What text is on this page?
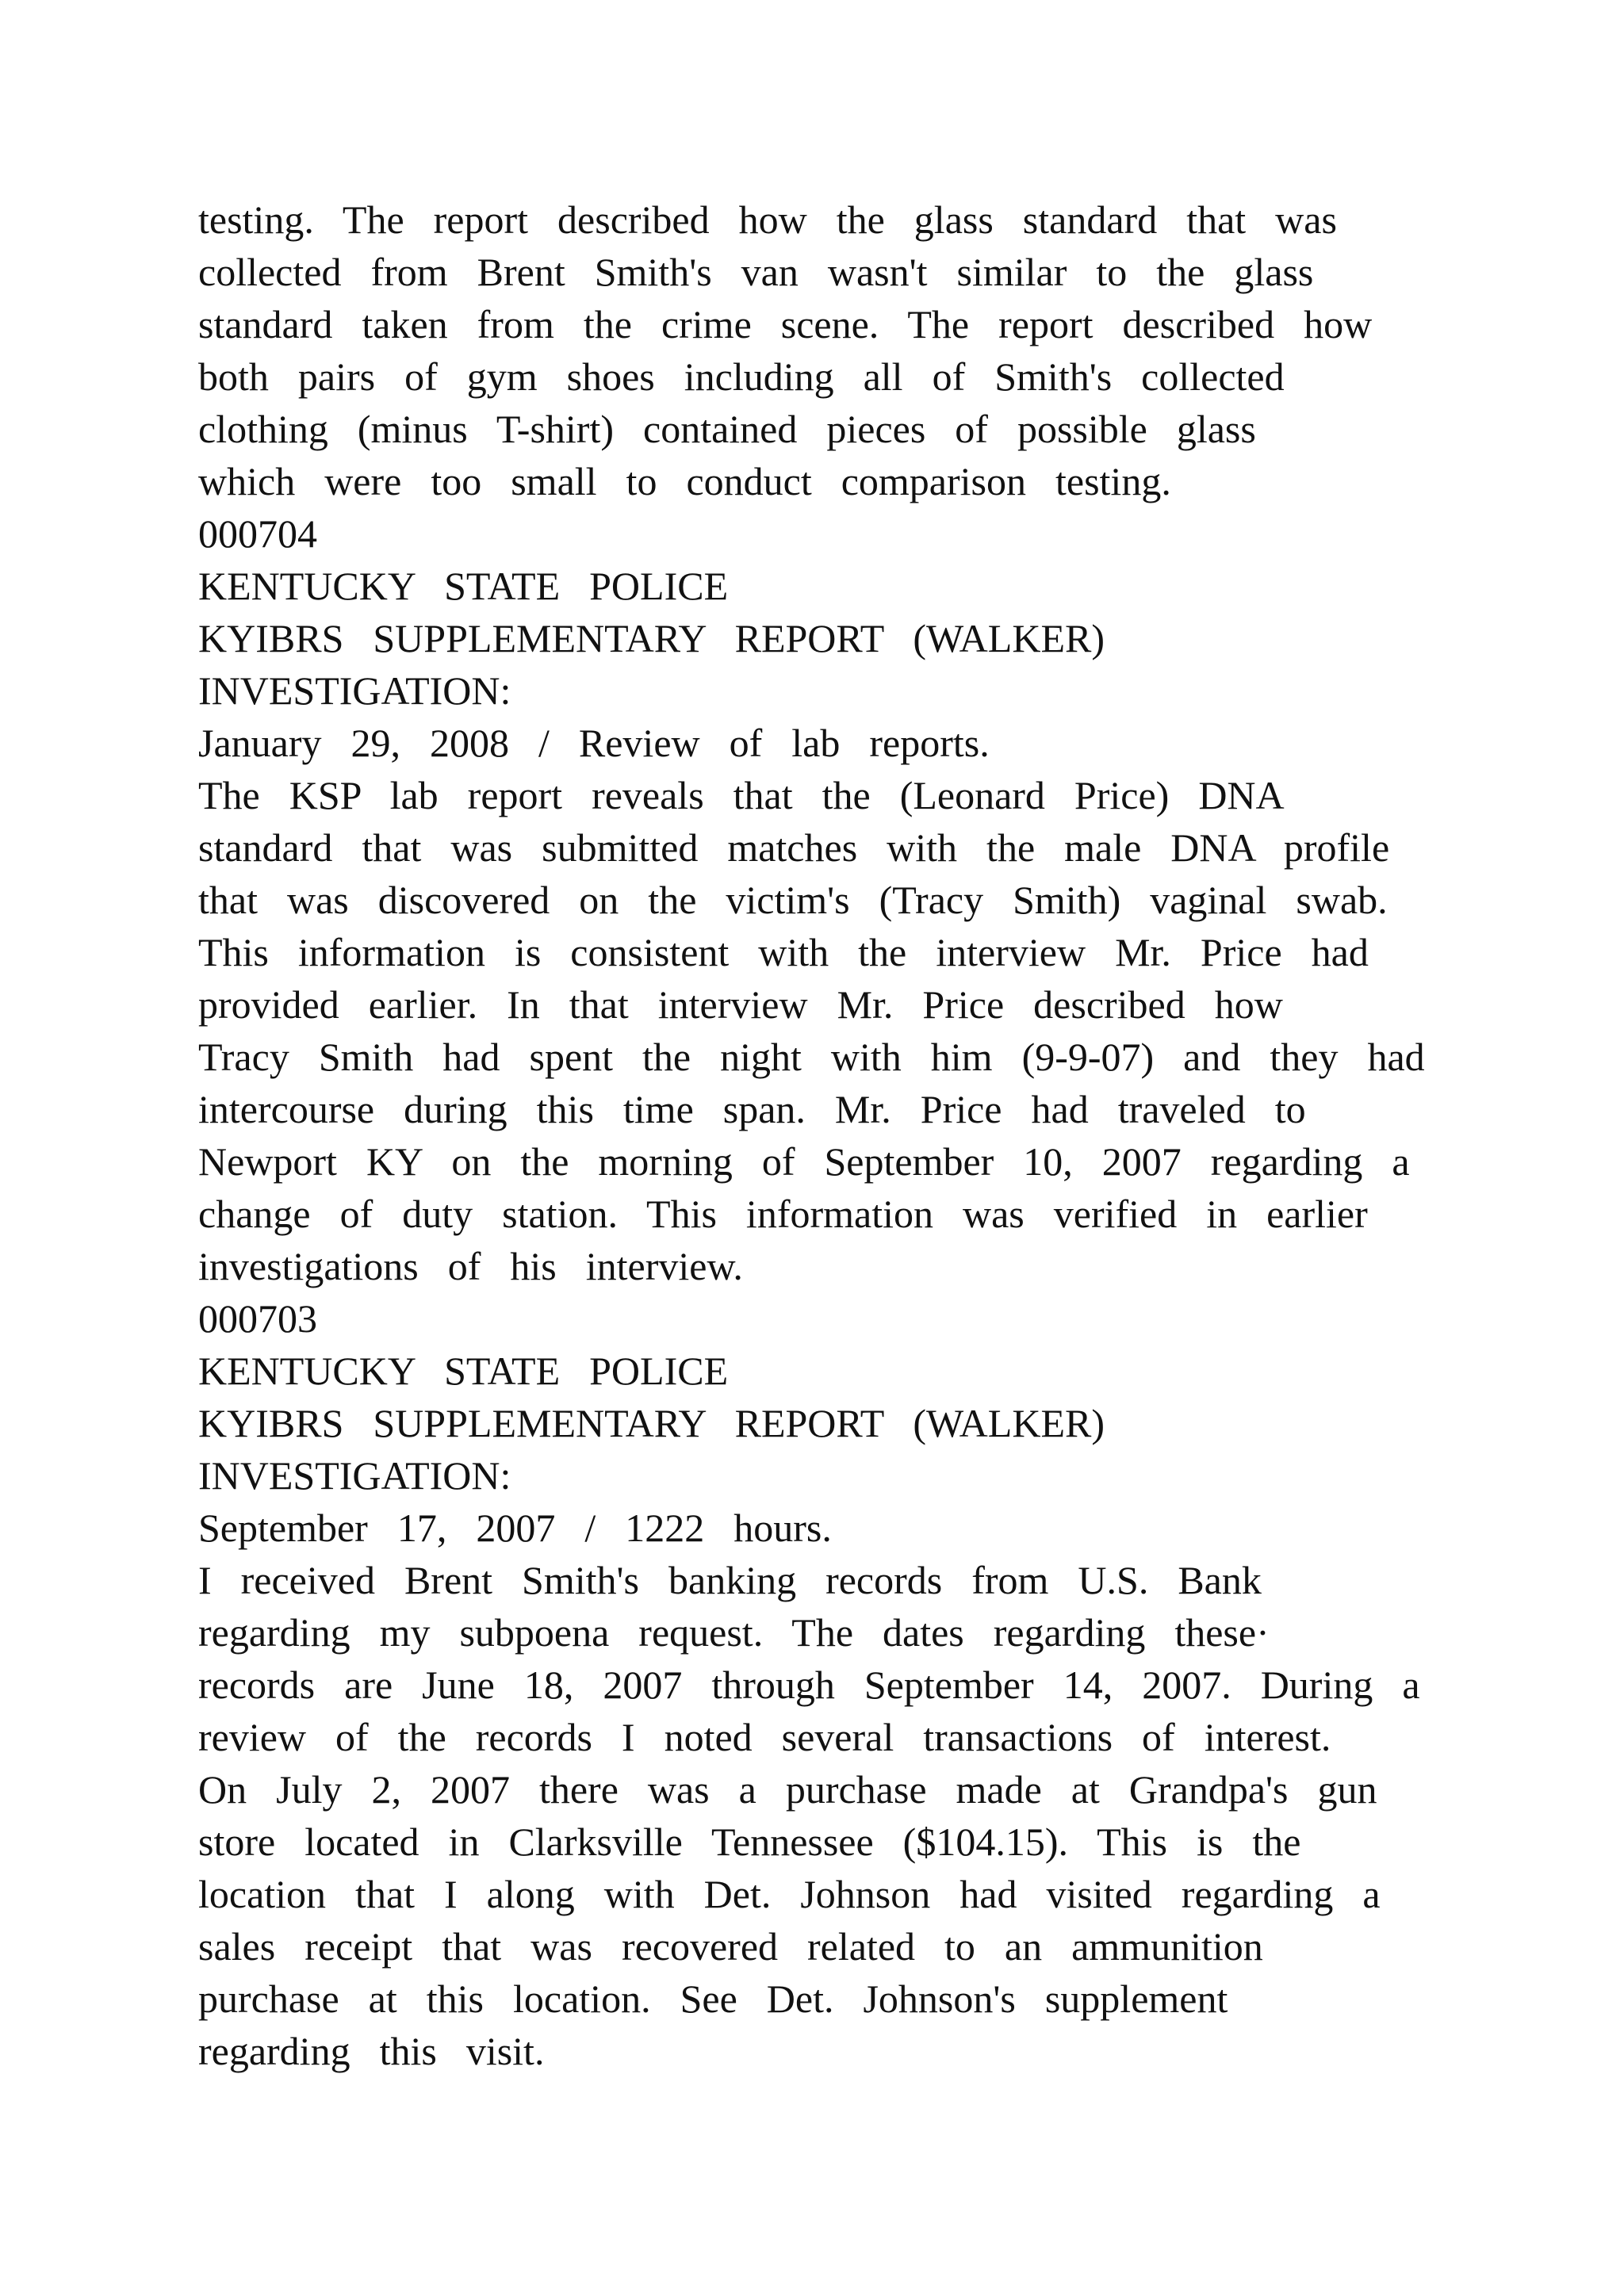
testing.  The  report  described  how  the  glass  standard  that  was
collected  from  Brent  Smith's  van  wasn't  similar  to  the  glass
standard  taken  from  the  crime  scene.  The  report  described  how
both  pairs  of  gym  shoes  including  all  of  Smith's  collected
clothing  (minus  T-shirt)  contained  pieces  of  possible  glass
which  were  too  small  to  conduct  comparison  testing.
000704
KENTUCKY  STATE  POLICE
KYIBRS  SUPPLEMENTARY  REPORT  (WALKER)
INVESTIGATION:
January  29,  2008  /  Review  of  lab  reports.
The  KSP  lab  report  reveals  that  the  (Leonard  Price)  DNA
standard  that  was  submitted  matches  with  the  male  DNA  profile
that  was  discovered  on  the  victim's  (Tracy  Smith)  vaginal  swab.
This  information  is  consistent  with  the  interview  Mr.  Price  had
provided  earlier.  In  that  interview  Mr.  Price  described  how
Tracy  Smith  had  spent  the  night  with  him  (9-9-07)  and  they  had
intercourse  during  this  time  span.  Mr.  Price  had  traveled  to
Newport  KY  on  the  morning  of  September  10,  2007  regarding  a
change  of  duty  station.  This  information  was  verified  in  earlier
investigations  of  his  interview.
000703
KENTUCKY  STATE  POLICE
KYIBRS  SUPPLEMENTARY  REPORT  (WALKER)
INVESTIGATION:
September  17,  2007  /  1222  hours.
I  received  Brent  Smith's  banking  records  from  U.S.  Bank
regarding  my  subpoena  request.  The  dates  regarding  these·
records  are  June  18,  2007  through  September  14,  2007.  During  a
review  of  the  records  I  noted  several  transactions  of  interest.
On  July  2,  2007  there  was  a  purchase  made  at  Grandpa's  gun
store  located  in  Clarksville  Tennessee  ($104.15).  This  is  the
location  that  I  along  with  Det.  Johnson  had  visited  regarding  a
sales  receipt  that  was  recovered  related  to  an  ammunition
purchase  at  this  location.  See  Det.  Johnson's  supplement
regarding  this  visit.
